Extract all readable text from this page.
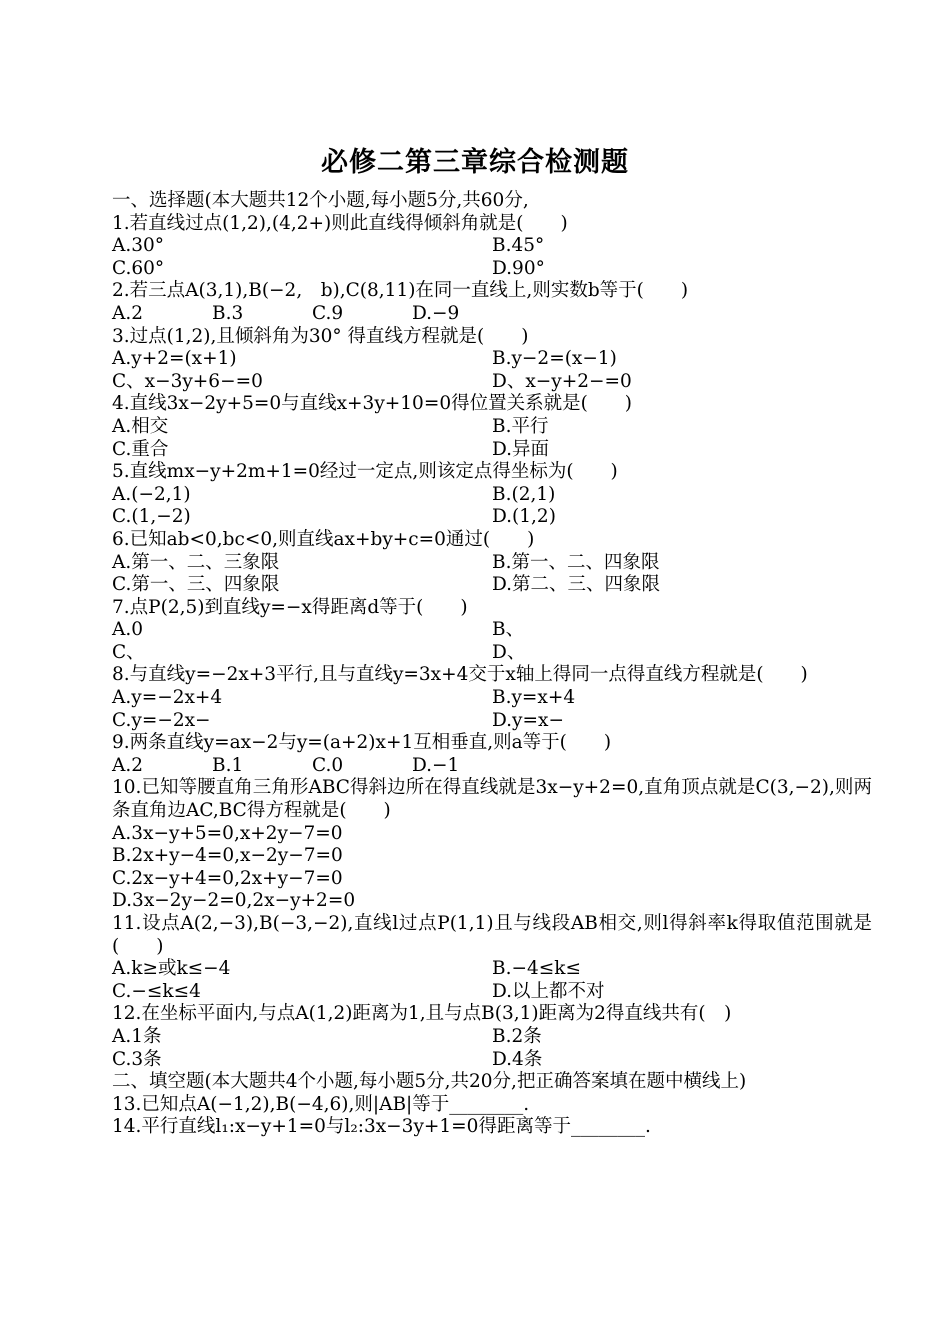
必修二第三章综合检测题
一、选择题(本大题共12个小题,每小题5分,共60分,
1.若直线过点(1,2),(4,2+)则此直线得倾斜角就是(　　)
A.30°	B.45°
C.60°	D.90°
2.若三点A(3,1),B(−2,　b),C(8,11)在同一直线上,则实数b等于(　　)
A.2	B.3	C.9	D.−9
3.过点(1,2),且倾斜角为30° 得直线方程就是(　　)
A.y+2=(x+1)	B.y−2=(x−1)
C、x−3y+6−=0	D、x−y+2−=0
4.直线3x−2y+5=0与直线x+3y+10=0得位置关系就是(　　)
A.相交	B.平行
C.重合	D.异面
5.直线mx−y+2m+1=0经过一定点,则该定点得坐标为(　　)
A.(−2,1)	B.(2,1)
C.(1,−2)	D.(1,2)
6.已知ab<0,bc<0,则直线ax+by+c=0通过(　　)
A.第一、二、三象限	B.第一、二、四象限
C.第一、三、四象限	D.第二、三、四象限
7.点P(2,5)到直线y=−x得距离d等于(　　)
A.0	B、
C、	D、
8.与直线y=−2x+3平行,且与直线y=3x+4交于x轴上得同一点得直线方程就是(　　)
A.y=−2x+4	B.y=x+4
C.y=−2x−	D.y=x−
9.两条直线y=ax−2与y=(a+2)x+1互相垂直,则a等于(　　)
A.2	B.1	C.0	D.−1
10.已知等腰直角三角形ABC得斜边所在得直线就是3x−y+2=0,直角顶点就是C(3,−2),则两条直角边AC,BC得方程就是(　　)
A.3x−y+5=0,x+2y−7=0
B.2x+y−4=0,x−2y−7=0
C.2x−y+4=0,2x+y−7=0
D.3x−2y−2=0,2x−y+2=0
11.设点A(2,−3),B(−3,−2),直线l过点P(1,1)且与线段AB相交,则l得斜率k得取值范围就是(　　)
A.k≥或k≤−4	B.−4≤k≤
C.−≤k≤4	D.以上都不对
12.在坐标平面内,与点A(1,2)距离为1,且与点B(3,1)距离为2得直线共有(　)
A.1条	B.2条
C.3条	D.4条
二、填空题(本大题共4个小题,每小题5分,共20分,把正确答案填在题中横线上)
13.已知点A(−1,2),B(−4,6),则|AB|等于________.
14.平行直线l₁:x−y+1=0与l₂:3x−3y+1=0得距离等于________.
